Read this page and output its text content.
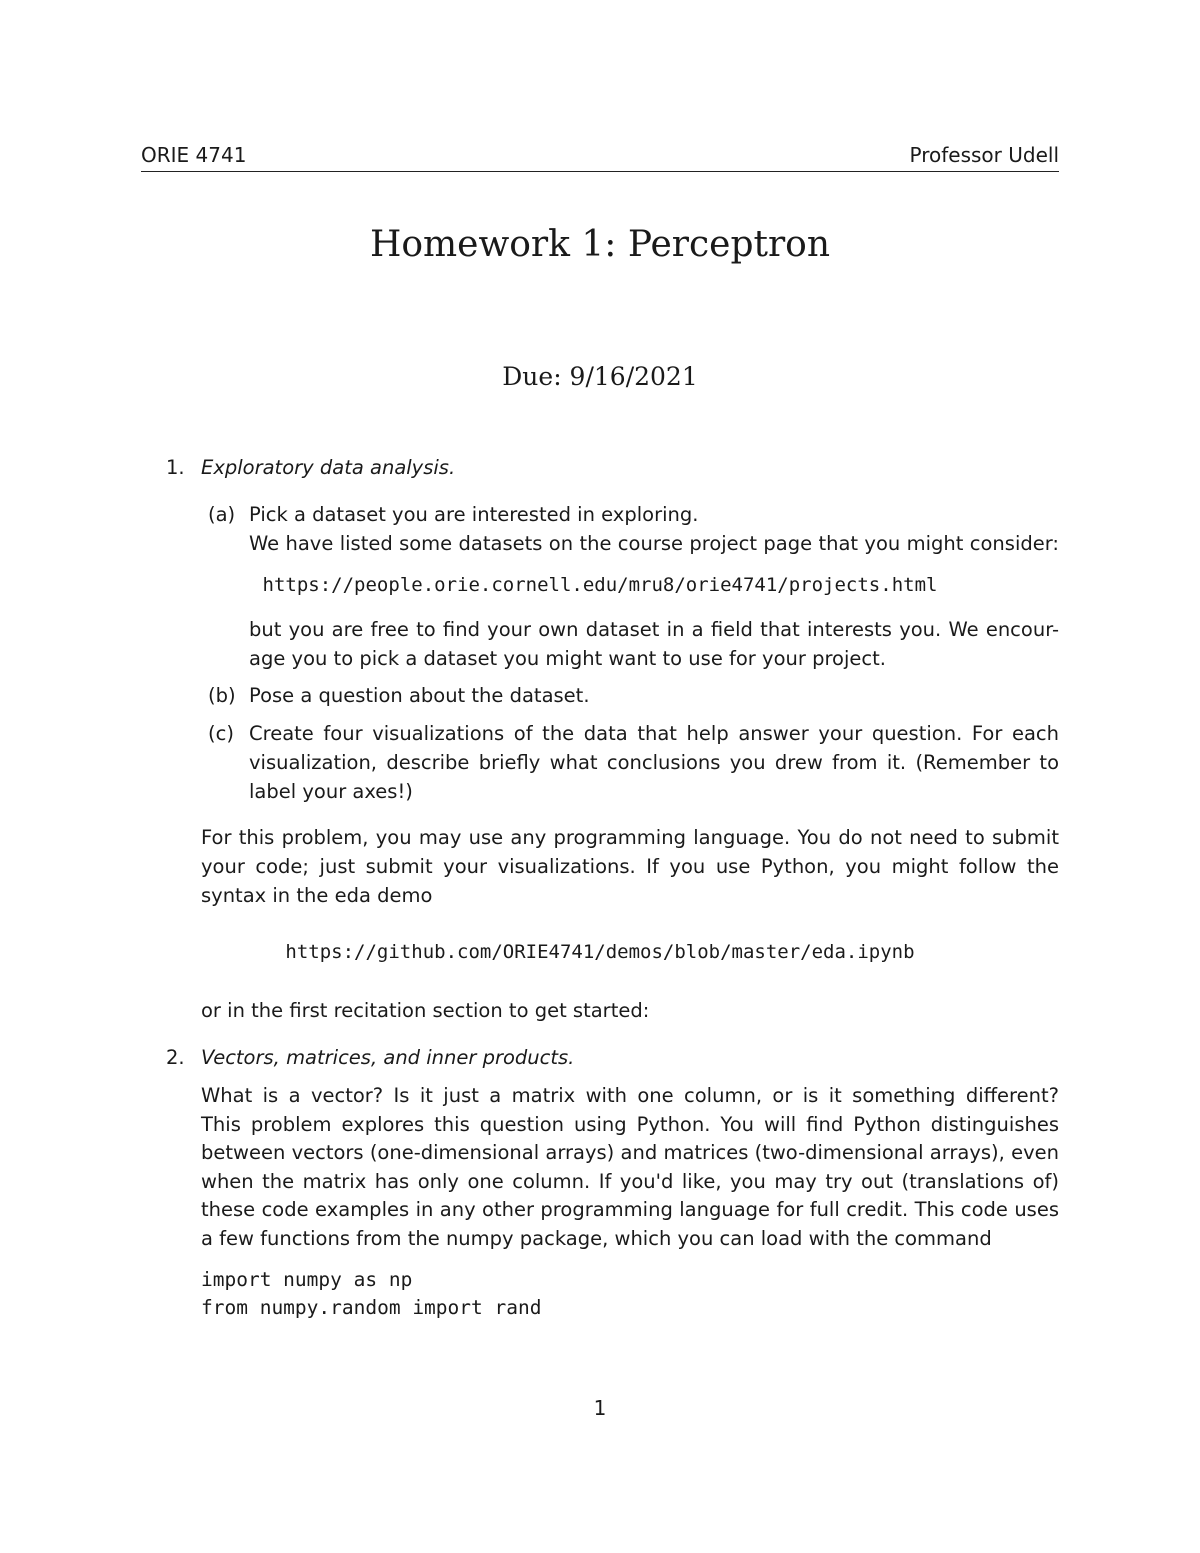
ORIE 4741	Professor Udell
Homework 1: Perceptron
Due: 9/16/2021
1. Exploratory data analysis.
(a) Pick a dataset you are interested in exploring.
We have listed some datasets on the course project page that you might consider:
https://people.orie.cornell.edu/mru8/orie4741/projects.html
but you are free to find your own dataset in a field that interests you. We encour-
age you to pick a dataset you might want to use for your project.
(b) Pose a question about the dataset.
(c) Create four visualizations of the data that help answer your question. For each
visualization, describe briefly what conclusions you drew from it. (Remember to
label your axes!)
For this problem, you may use any programming language. You do not need to submit
your code; just submit your visualizations. If you use Python, you might follow the
syntax in the eda demo
https://github.com/ORIE4741/demos/blob/master/eda.ipynb
or in the first recitation section to get started:
2. Vectors, matrices, and inner products.
What is a vector? Is it just a matrix with one column, or is it something different?
This problem explores this question using Python. You will find Python distinguishes
between vectors (one-dimensional arrays) and matrices (two-dimensional arrays), even
when the matrix has only one column. If you'd like, you may try out (translations of)
these code examples in any other programming language for full credit. This code uses
a few functions from the numpy package, which you can load with the command
import numpy as np
from numpy.random import rand
1
